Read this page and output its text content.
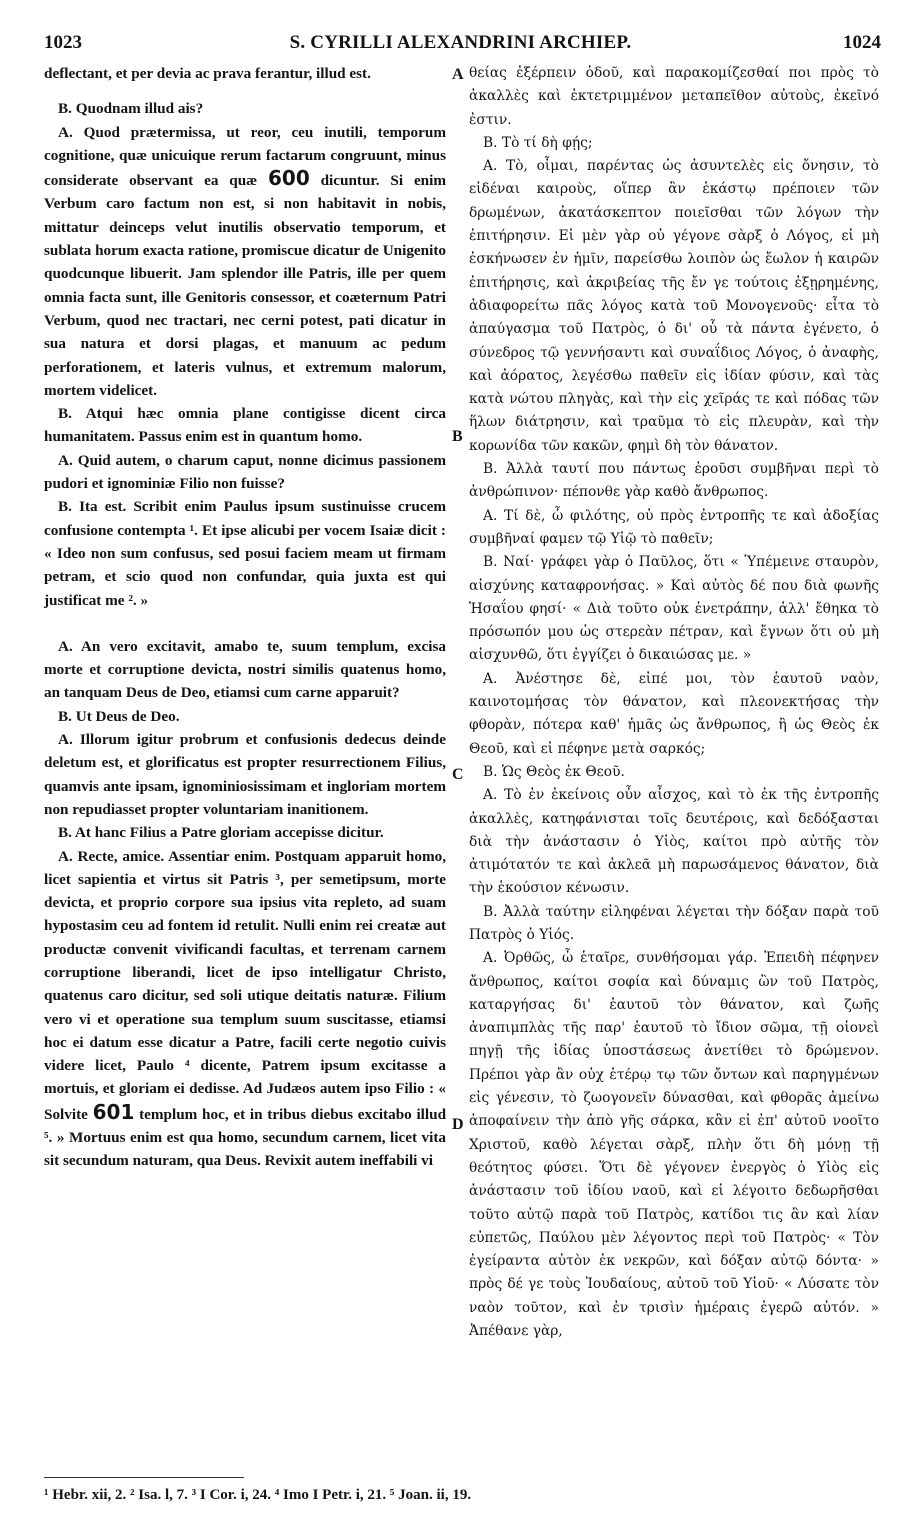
1023	S. CYRILLI ALEXANDRINI ARCHIEP.	1024

deflectant, et per devia ac prava ferantur, illud est.

B. Quodnam illud ais?

A. Quod prætermissa, ut reor, ceu inutili, temporum cognitione, quæ unicuique rerum factarum congruunt, minus considerate observant ea quæ 600 dicuntur. Si enim Verbum caro factum non est, si non habitavit in nobis, mittatur deinceps velut inutilis observatio temporum, et sublata horum exacta ratione, promiscue dicatur de Unigenito quodcunque libuerit. Jam splendor ille Patris, ille per quem omnia facta sunt, ille Genitoris consessor, et coæternum Patri Verbum, quod nec tractari, nec cerni potest, pati dicatur in sua natura et dorsi plagas, et manuum ac pedum perforationem, et lateris vulnus, et extremum malorum, mortem videlicet.

B. Atqui hæc omnia plane contigisse dicent circa humanitatem. Passus enim est in quantum homo.

A. Quid autem, o charum caput, nonne dicimus passionem pudori et ignominiæ Filio non fuisse?

B. Ita est. Scribit enim Paulus ipsum sustinuisse crucem confusione contempta ¹. Et ipse alicubi per vocem Isaiæ dicit : « Ideo non sum confusus, sed posui faciem meam ut firmam petram, et scio quod non confundar, quia juxta est qui justificat me ². »

A. An vero excitavit, amabo te, suum templum, excisa morte et corruptione devicta, nostri similis quatenus homo, an tanquam Deus de Deo, etiamsi cum carne apparuit?

B. Ut Deus de Deo.

A. Illorum igitur probrum et confusionis dedecus deinde deletum est, et glorificatus est propter resurrectionem Filius, quamvis ante ipsam, ignominiosissimam et ingloriam mortem non repudiasset propter voluntariam inanitionem.

B. At hanc Filius a Patre gloriam accepisse dicitur.

A. Recte, amice. Assentiar enim. Postquam apparuit homo, licet sapientia et virtus sit Patris ³, per semetipsum, morte devicta, et proprio corpore sua ipsius vita repleto, ad suam hypostasim ceu ad fontem id retulit. Nulli enim rei creatæ aut productæ convenit vivificandi facultas, et terrenam carnem corruptione liberandi, licet de ipso intelligatur Christo, quatenus caro dicitur, sed soli utique deitatis naturæ. Filium vero vi et operatione sua templum suum suscitasse, etiamsi hoc ei datum esse dicatur a Patre, facili certe negotio cuivis videre licet, Paulo ⁴ dicente, Patrem ipsum excitasse a mortuis, et gloriam ei dedisse. Ad Judæos autem ipso Filio : « Solvite 601 templum hoc, et in tribus diebus excitabo illud ⁵. » Mortuus enim est qua homo, secundum carnem, licet vita sit secundum naturam, qua Deus. Revixit autem ineffabili vi

A
B
C
D

θείας ἐξέρπειν ὁδοῦ, καὶ παρακομίζεσθαί ποι πρὸς τὸ ἀκαλλὲς καὶ ἐκτετριμμένον μεταπεῖθον αὐτοὺς, ἐκεῖνό ἐστιν.

Β. Τὸ τί δὴ φῄς;

Α. Τὸ, οἶμαι, παρέντας ὡς ἀσυντελὲς εἰς ὄνησιν, τὸ εἰδέναι καιροὺς, οἵπερ ἂν ἑκάστῳ πρέποιεν τῶν δρωμένων, ἀκατάσκεπτον ποιεῖσθαι τῶν λόγων τὴν ἐπιτήρησιν. Εἰ μὲν γὰρ οὐ γέγονε σὰρξ ὁ Λόγος, εἰ μὴ ἐσκήνωσεν ἐν ἡμῖν, παρείσθω λοιπὸν ὡς ἔωλον ἡ καιρῶν ἐπιτήρησις, καὶ ἀκριβείας τῆς ἔν γε τούτοις ἐξῃρημένης, ἀδιαφορείτω πᾶς λόγος κατὰ τοῦ Μονογενοῦς· εἶτα τὸ ἀπαύγασμα τοῦ Πατρὸς, ὁ δι' οὗ τὰ πάντα ἐγένετο, ὁ σύνεδρος τῷ γεννήσαντι καὶ συναΐδιος Λόγος, ὁ ἀναφὴς, καὶ ἀόρατος, λεγέσθω παθεῖν εἰς ἰδίαν φύσιν, καὶ τὰς κατὰ νώτου πληγὰς, καὶ τὴν εἰς χεῖράς τε καὶ πόδας τῶν ἥλων διάτρησιν, καὶ τραῦμα τὸ εἰς πλευρὰν, καὶ τὴν κορωνίδα τῶν κακῶν, φημὶ δὴ τὸν θάνατον.

Β. Ἀλλὰ ταυτί που πάντως ἐροῦσι συμβῆναι περὶ τὸ ἀνθρώπινον· πέπονθε γὰρ καθὸ ἄνθρωπος.

Α. Τί δὲ, ὦ φιλότης, οὐ πρὸς ἐντροπῆς τε καὶ ἀδοξίας συμβῆναί φαμεν τῷ Υἱῷ τὸ παθεῖν;

Β. Ναί· γράφει γὰρ ὁ Παῦλος, ὅτι « Ὑπέμεινε σταυρὸν, αἰσχύνης καταφρονήσας. » Καὶ αὐτὸς δέ που διὰ φωνῆς Ἡσαΐου φησί· « Διὰ τοῦτο οὐκ ἐνετράπην, ἀλλ' ἔθηκα τὸ πρόσωπόν μου ὡς στερεὰν πέτραν, καὶ ἔγνων ὅτι οὐ μὴ αἰσχυνθῶ, ὅτι ἐγγίζει ὁ δικαιώσας με. »

Α. Ἀνέστησε δὲ, εἰπέ μοι, τὸν ἑαυτοῦ ναὸν, καινοτομήσας τὸν θάνατον, καὶ πλεονεκτήσας τὴν φθορὰν, πότερα καθ' ἡμᾶς ὡς ἄνθρωπος, ἢ ὡς Θεὸς ἐκ Θεοῦ, καὶ εἰ πέφηνε μετὰ σαρκός;

Β. Ὡς Θεὸς ἐκ Θεοῦ.

Α. Τὸ ἐν ἐκείνοις οὖν αἶσχος, καὶ τὸ ἐκ τῆς ἐντροπῆς ἀκαλλὲς, κατηφάνισται τοῖς δευτέροις, καὶ δεδόξασται διὰ τὴν ἀνάστασιν ὁ Υἱὸς, καίτοι πρὸ αὐτῆς τὸν ἀτιμότατόν τε καὶ ἀκλεᾶ μὴ παρωσάμενος θάνατον, διὰ τὴν ἑκούσιον κένωσιν.

Β. Ἀλλὰ ταύτην εἰληφέναι λέγεται τὴν δόξαν παρὰ τοῦ Πατρὸς ὁ Υἱός.

Α. Ὀρθῶς, ὦ ἑταῖρε, συνθήσομαι γάρ. Ἐπειδὴ πέφηνεν ἄνθρωπος, καίτοι σοφία καὶ δύναμις ὢν τοῦ Πατρὸς, καταργήσας δι' ἑαυτοῦ τὸν θάνατον, καὶ ζωῆς ἀναπιμπλὰς τῆς παρ' ἑαυτοῦ τὸ ἴδιον σῶμα, τῇ οἱονεὶ πηγῇ τῆς ἰδίας ὑποστάσεως ἀνετίθει τὸ δρώμενον. Πρέποι γὰρ ἂν οὐχ ἑτέρῳ τῳ τῶν ὄντων καὶ παρηγμένων εἰς γένεσιν, τὸ ζωογονεῖν δύνασθαι, καὶ φθορᾶς ἀμείνω ἀποφαίνειν τὴν ἀπὸ γῆς σάρκα, κἂν εἰ ἐπ' αὐτοῦ νοοῖτο Χριστοῦ, καθὸ λέγεται σὰρξ, πλὴν ὅτι δὴ μόνῃ τῇ θεότητος φύσει. Ὅτι δὲ γέγονεν ἐνεργὸς ὁ Υἱὸς εἰς ἀνάστασιν τοῦ ἰδίου ναοῦ, καὶ εἰ λέγοιτο δεδωρῆσθαι τοῦτο αὐτῷ παρὰ τοῦ Πατρὸς, κατίδοι τις ἂν καὶ λίαν εὐπετῶς, Παύλου μὲν λέγοντος περὶ τοῦ Πατρὸς· « Τὸν ἐγείραντα αὐτὸν ἐκ νεκρῶν, καὶ δόξαν αὐτῷ δόντα· » πρὸς δέ γε τοὺς Ἰουδαίους, αὐτοῦ τοῦ Υἱοῦ· « Λύσατε τὸν ναὸν τοῦτον, καὶ ἐν τρισὶν ἡμέραις ἐγερῶ αὐτόν. » Ἀπέθανε γὰρ,

¹ Hebr. xii, 2. ² Isa. l, 7. ³ I Cor. i, 24. ⁴ Imo I Petr. i, 21. ⁵ Joan. ii, 19.
